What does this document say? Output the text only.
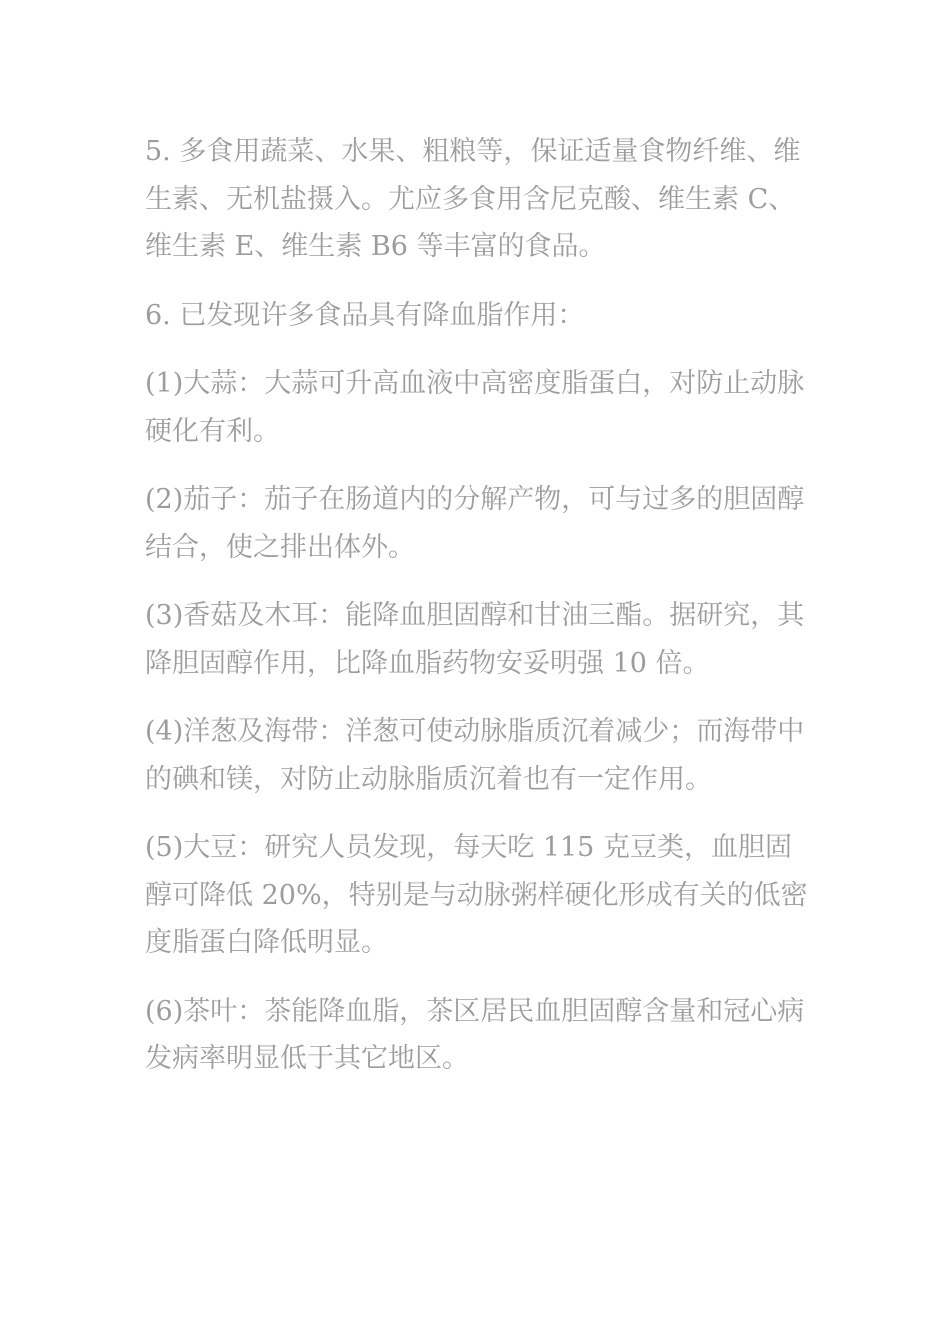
5. 多食用蔬菜、水果、粗粮等，保证适量食物纤维、维生素、无机盐摄入。尤应多食用含尼克酸、维生素 C、维生素 E、维生素 B6 等丰富的食品。

6. 已发现许多食品具有降血脂作用：

(1)大蒜：大蒜可升高血液中高密度脂蛋白，对防止动脉硬化有利。

(2)茄子：茄子在肠道内的分解产物，可与过多的胆固醇结合，使之排出体外。

(3)香菇及木耳：能降血胆固醇和甘油三酯。据研究，其降胆固醇作用，比降血脂药物安妥明强 10 倍。

(4)洋葱及海带：洋葱可使动脉脂质沉着减少；而海带中的碘和镁，对防止动脉脂质沉着也有一定作用。

(5)大豆：研究人员发现，每天吃 115 克豆类，血胆固醇可降低 20%，特别是与动脉粥样硬化形成有关的低密度脂蛋白降低明显。

(6)茶叶：茶能降血脂，茶区居民血胆固醇含量和冠心病发病率明显低于其它地区。
